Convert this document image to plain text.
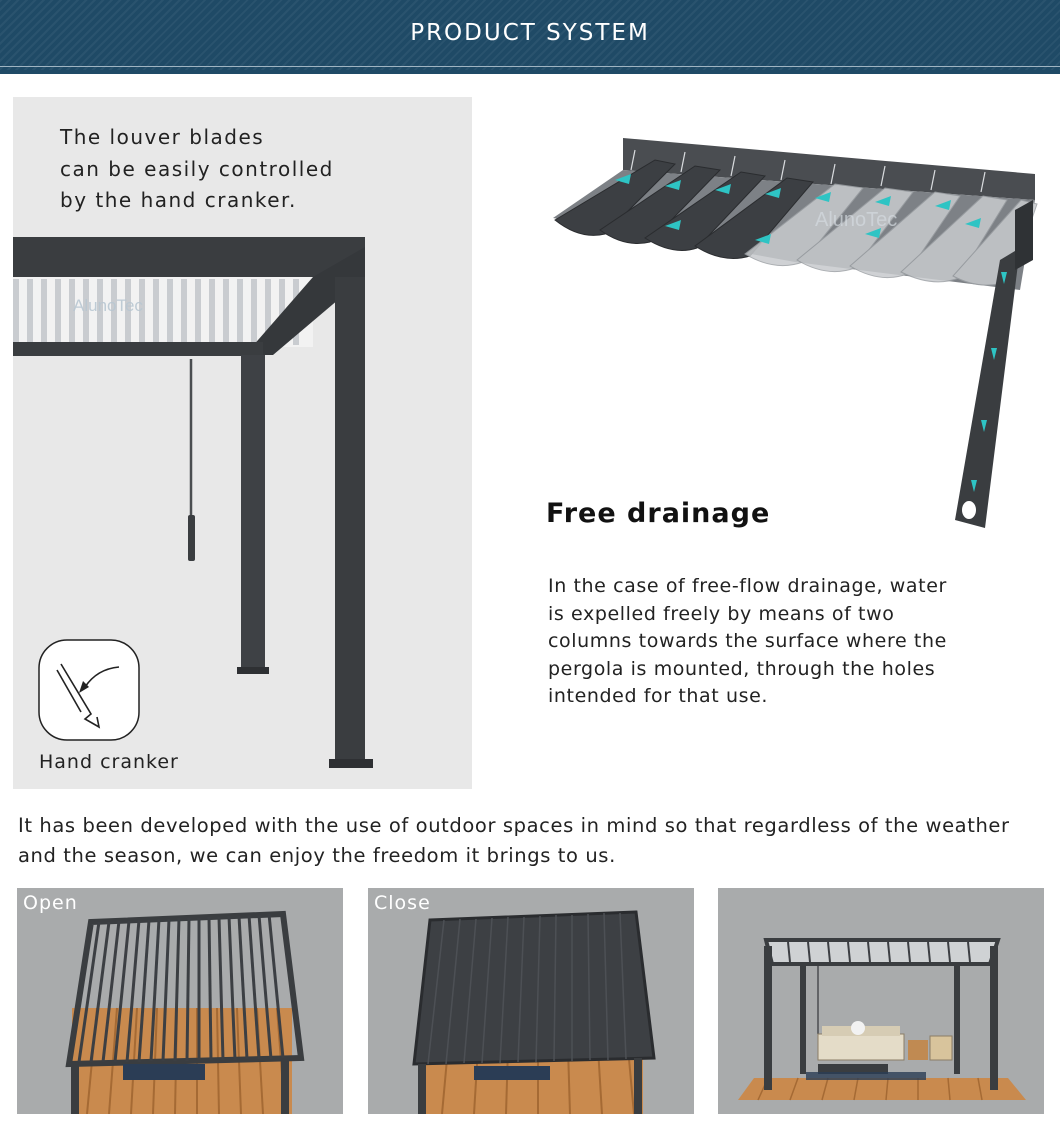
PRODUCT SYSTEM
AlunoTec
The louver blades
can be easily controlled
by the hand cranker.
Hand cranker
AlunoTec
Free drainage
In the case of free-flow drainage, water is expelled freely by means of two columns towards the surface where the pergola is mounted, through the holes intended for that use.
It has been developed with the use of outdoor spaces in mind so that regardless of the weather and the season, we can enjoy the freedom it brings to us.
Open	Close
